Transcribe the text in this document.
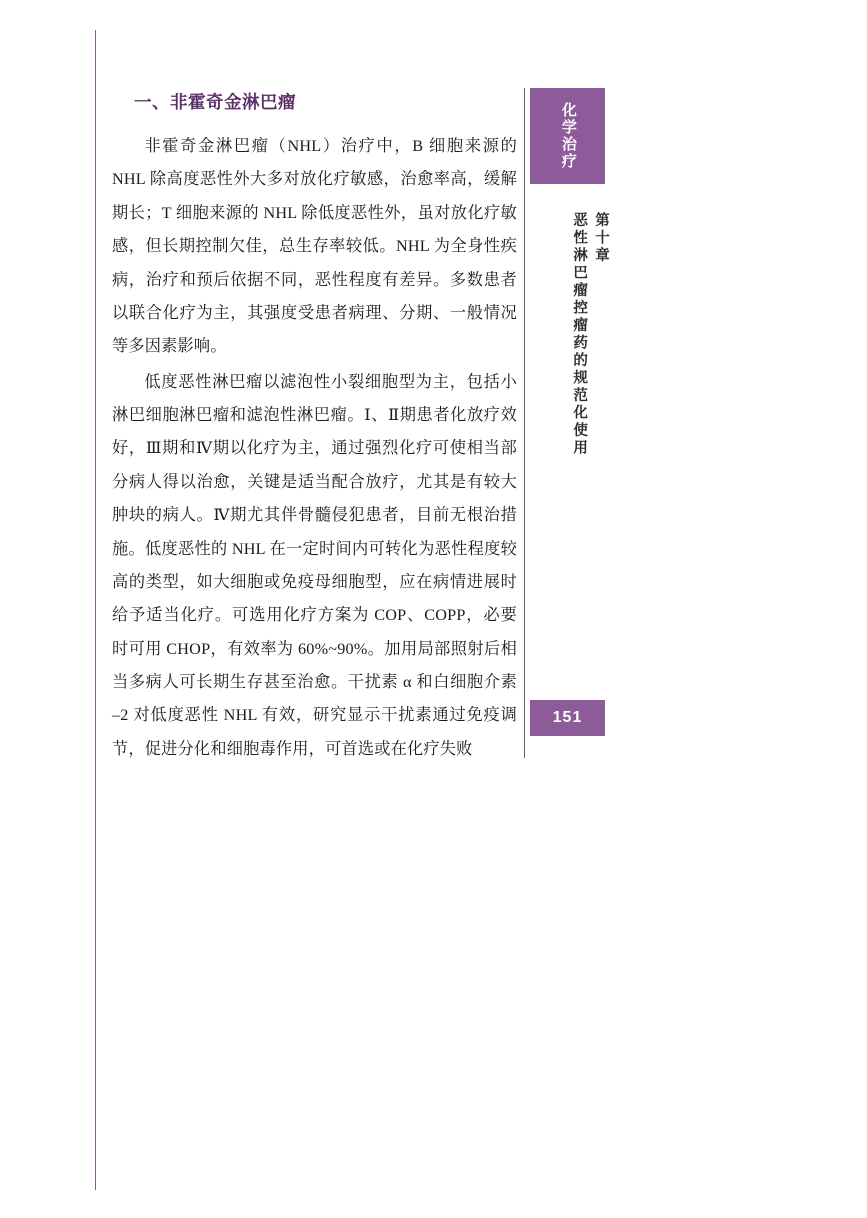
一、非霍奇金淋巴瘤

非霍奇金淋巴瘤（NHL）治疗中，B 细胞来源的 NHL 除高度恶性外大多对放化疗敏感，治愈率高，缓解期长；T 细胞来源的 NHL 除低度恶性外，虽对放化疗敏感，但长期控制欠佳，总生存率较低。NHL 为全身性疾病，治疗和预后依据不同，恶性程度有差异。多数患者以联合化疗为主，其强度受患者病理、分期、一般情况等多因素影响。

低度恶性淋巴瘤以滤泡性小裂细胞型为主，包括小淋巴细胞淋巴瘤和滤泡性淋巴瘤。Ⅰ、Ⅱ期患者化放疗效好，Ⅲ期和Ⅳ期以化疗为主，通过强烈化疗可使相当部分病人得以治愈，关键是适当配合放疗，尤其是有较大肿块的病人。Ⅳ期尤其伴骨髓侵犯患者，目前无根治措施。低度恶性的 NHL 在一定时间内可转化为恶性程度较高的类型，如大细胞或免疫母细胞型，应在病情进展时给予适当化疗。可选用化疗方案为 COP、COPP，必要时可用 CHOP，有效率为 60%~90%。加用局部照射后相当多病人可长期生存甚至治愈。干扰素 α 和白细胞介素 –2 对低度恶性 NHL 有效，研究显示干扰素通过免疫调节，促进分化和细胞毒作用，可首选或在化疗失败

化学治疗
第十章
恶性淋巴瘤控瘤药的规范化使用
151
